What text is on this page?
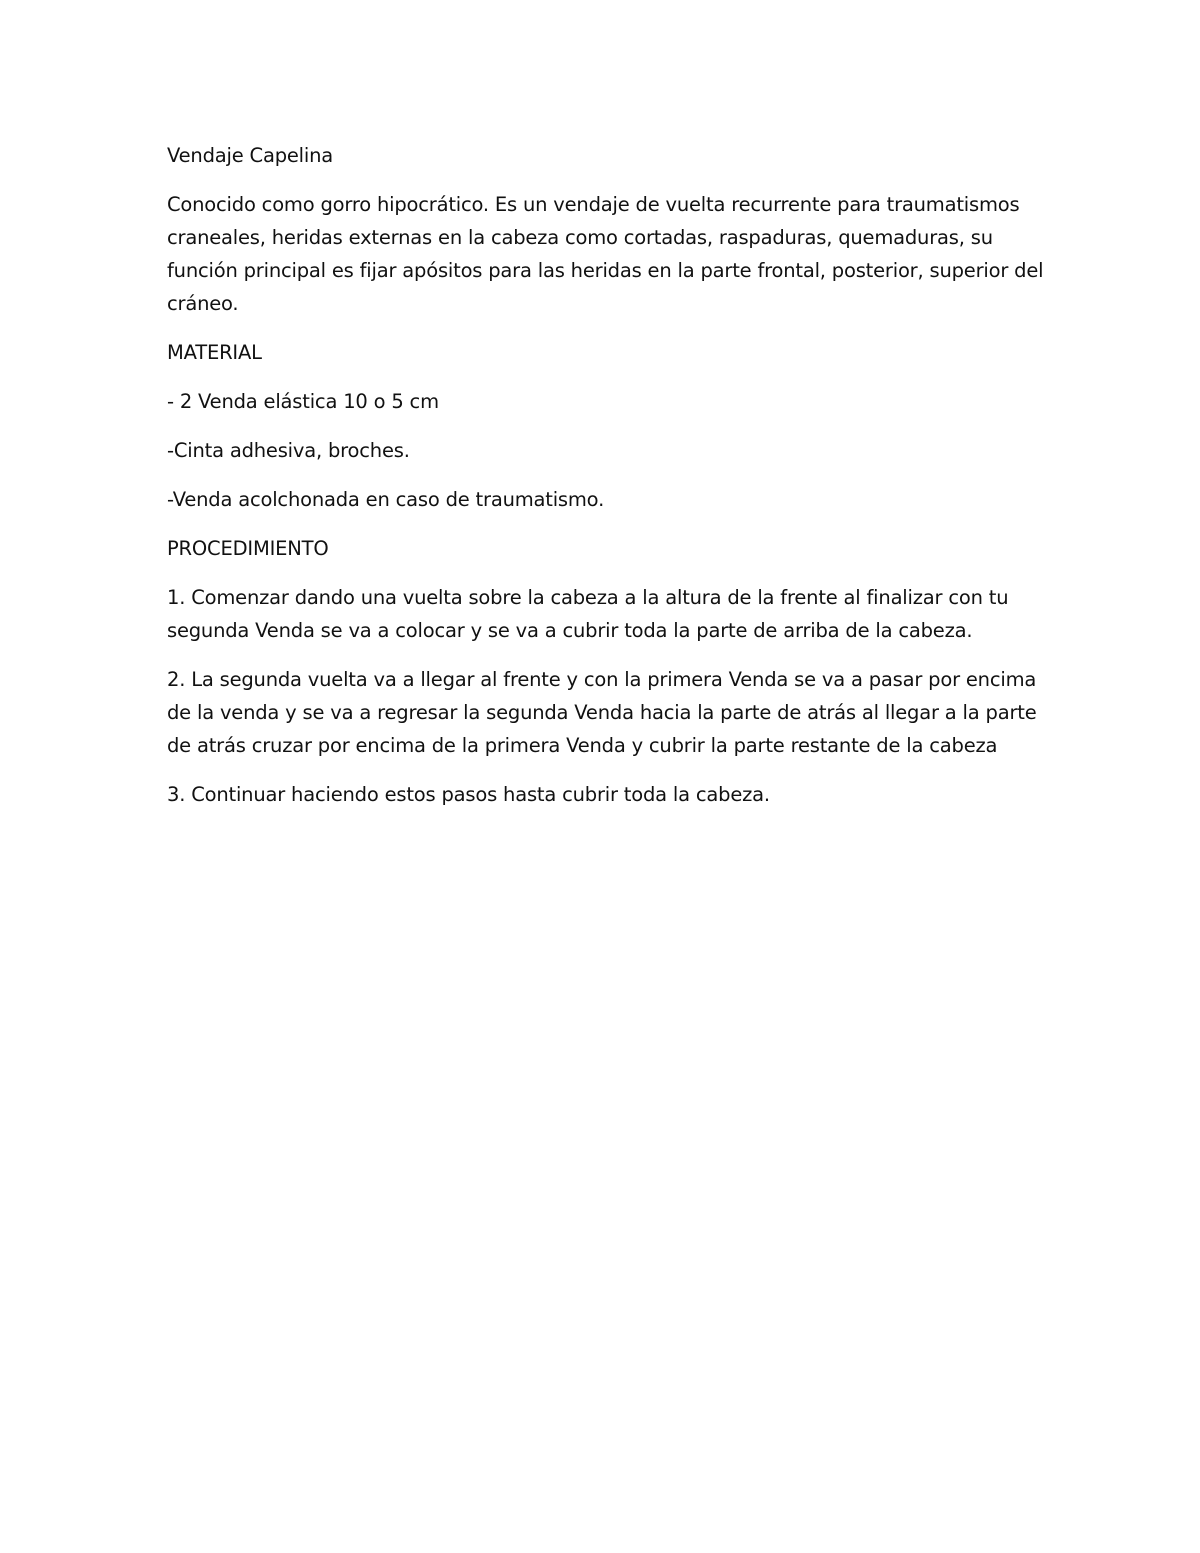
Vendaje Capelina

Conocido como gorro hipocrático. Es un vendaje de vuelta recurrente para traumatismos craneales, heridas externas en la cabeza como cortadas, raspaduras, quemaduras, su función principal es fijar apósitos para las heridas en la parte frontal, posterior, superior del cráneo.

MATERIAL

- 2 Venda elástica 10 o 5 cm

-Cinta adhesiva, broches.

-Venda acolchonada en caso de traumatismo.

PROCEDIMIENTO

1. Comenzar dando una vuelta sobre la cabeza a la altura de la frente al finalizar con tu segunda Venda se va a colocar y se va a cubrir toda la parte de arriba de la cabeza.

2. La segunda vuelta va a llegar al frente y con la primera Venda se va a pasar por encima de la venda y se va a regresar la segunda Venda hacia la parte de atrás al llegar a la parte de atrás cruzar por encima de la primera Venda y cubrir la parte restante de la cabeza

3. Continuar haciendo estos pasos hasta cubrir toda la cabeza.
